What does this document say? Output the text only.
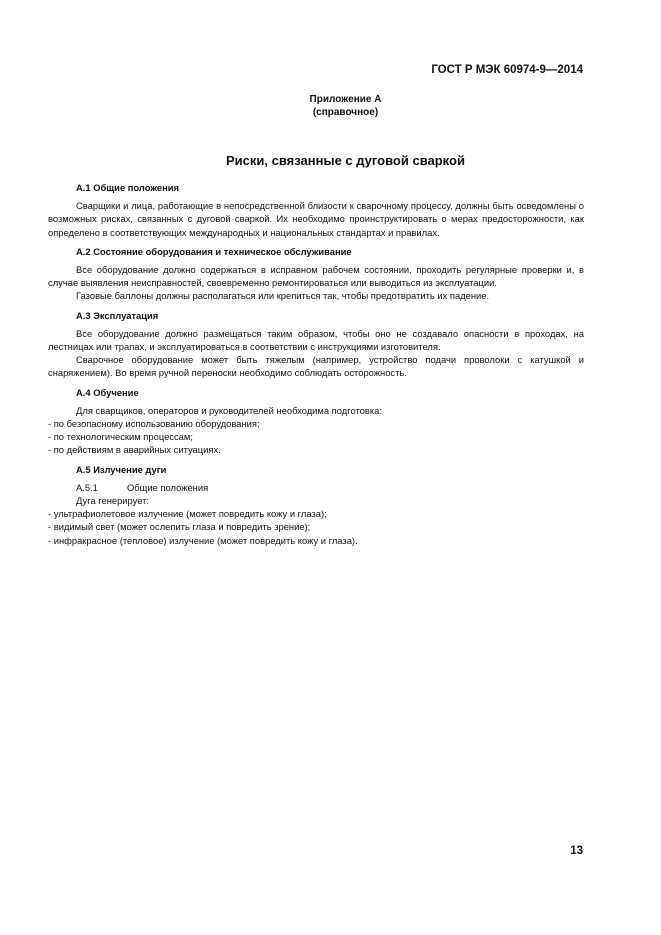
ГОСТ Р МЭК 60974-9—2014
Приложение А
(справочное)
Риски, связанные с дуговой сваркой

А.1 Общие положения

Сварщики и лица, работающие в непосредственной близости к сварочному процессу, должны быть осведомлены о возможных рисках, связанных с дуговой сваркой. Их необходимо проинструктировать о мерах предосторожности, как определено в соответствующих международных и национальных стандартах и правилах.

А.2 Состояние оборудования и техническое обслуживание

Все оборудование должно содержаться в исправном рабочем состоянии, проходить регулярные проверки и, в случае выявления неисправностей, своевременно ремонтироваться или выводиться из эксплуатации.

Газовые баллоны должны располагаться или крепиться так, чтобы предотвратить их падение.

А.3 Эксплуатация

Все оборудование должно размещаться таким образом, чтобы оно не создавало опасности в проходах, на лестницах или трапах, и эксплуатироваться в соответствии с инструкциями изготовителя.

Сварочное оборудование может быть тяжелым (например, устройство подачи проволоки с катушкой и снаряжением). Во время ручной переноски необходимо соблюдать осторожность.

А.4 Обучение

Для сварщиков, операторов и руководителей необходима подготовка:

- по безопасному использованию оборудования;

- по технологическим процессам;

- по действиям в аварийных ситуациях.

А.5 Излучение дуги

А.5.1	Общие положения

Дуга генерирует:

- ультрафиолетовое излучение (может повредить кожу и глаза);

- видимый свет (может ослепить глаза и повредить зрение);

- инфракрасное (тепловое) излучение (может повредить кожу и глаза).

13
